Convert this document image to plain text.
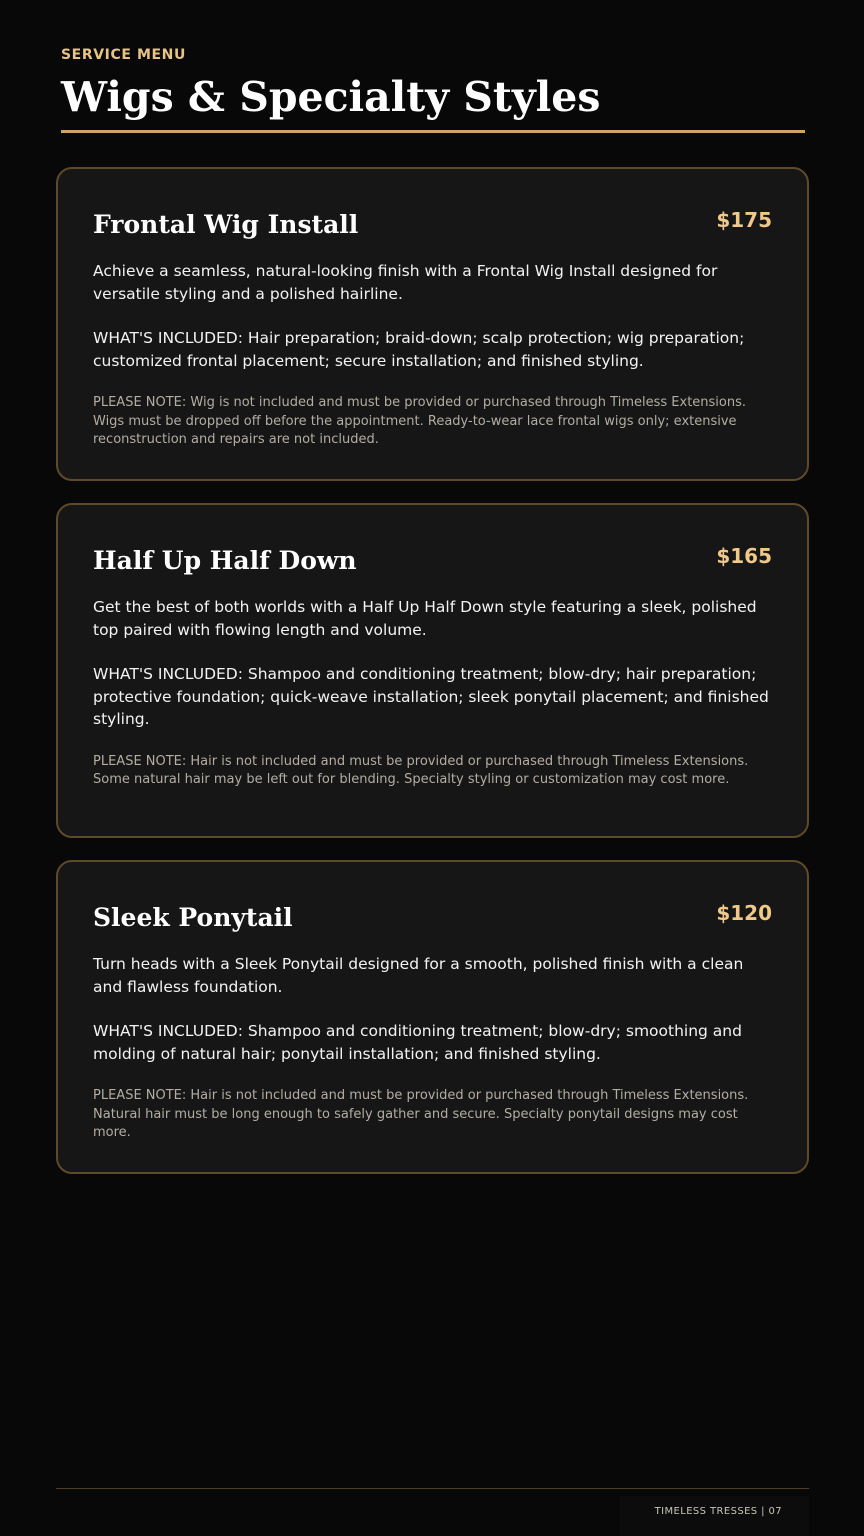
SERVICE MENU
Wigs & Specialty Styles
Frontal Wig Install	$175
Achieve a seamless, natural-looking finish with a Frontal Wig Install designed for versatile styling and a polished hairline.
WHAT'S INCLUDED: Hair preparation; braid-down; scalp protection; wig preparation; customized frontal placement; secure installation; and finished styling.
PLEASE NOTE: Wig is not included and must be provided or purchased through Timeless Extensions. Wigs must be dropped off before the appointment. Ready-to-wear lace frontal wigs only; extensive reconstruction and repairs are not included.
Half Up Half Down	$165
Get the best of both worlds with a Half Up Half Down style featuring a sleek, polished top paired with flowing length and volume.
WHAT'S INCLUDED: Shampoo and conditioning treatment; blow-dry; hair preparation; protective foundation; quick-weave installation; sleek ponytail placement; and finished styling.
PLEASE NOTE: Hair is not included and must be provided or purchased through Timeless Extensions. Some natural hair may be left out for blending. Specialty styling or customization may cost more.
Sleek Ponytail	$120
Turn heads with a Sleek Ponytail designed for a smooth, polished finish with a clean and flawless foundation.
WHAT'S INCLUDED: Shampoo and conditioning treatment; blow-dry; smoothing and molding of natural hair; ponytail installation; and finished styling.
PLEASE NOTE: Hair is not included and must be provided or purchased through Timeless Extensions. Natural hair must be long enough to safely gather and secure. Specialty ponytail designs may cost more.
TIMELESS TRESSES | 07
